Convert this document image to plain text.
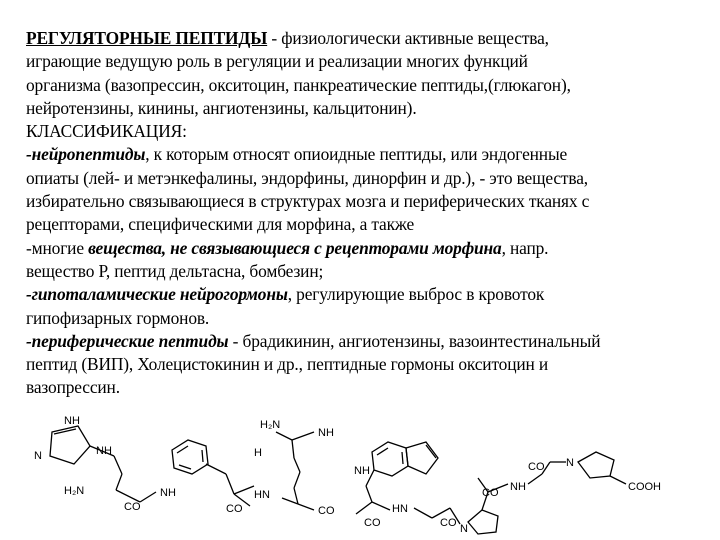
РЕГУЛЯТОРНЫЕ ПЕПТИДЫ - физиологически активные вещества,
играющие ведущую роль в регуляции и реализации многих функций
организма (вазопрессин, окситоцин, панкреатические пептиды,(глюкагон),
нейротензины, кинины, ангиотензины, кальцитонин).
КЛАССИФИКАЦИЯ:
-нейропептиды, к которым относят опиоидные пептиды, или эндогенные
опиаты (лей- и метэнкефалины, эндорфины, динорфин и др.), - это вещества,
избирательно связывающиеся в структурах мозга и периферических тканях с
рецепторами, специфическими для морфина, а также
-многие вещества, не связывающиеся с рецепторами морфина, напр.
вещество Р, пептид дельтасна, бомбезин;
-гипоталамические нейрогормоны, регулирующие выброс в кровоток
гипофизарных гормонов.
-периферические пептиды - брадикинин, ангиотензины, вазоинтестинальный
пептид (ВИП), Холецистокинин и др., пептидные гормоны окситоцин и
вазопрессин.
NH
N	NH
H₂N
CO
NH
CO
HN
H₂N
NH
H
CO
NH
CO
HN
CO N
CO NH
CO N
COOH
